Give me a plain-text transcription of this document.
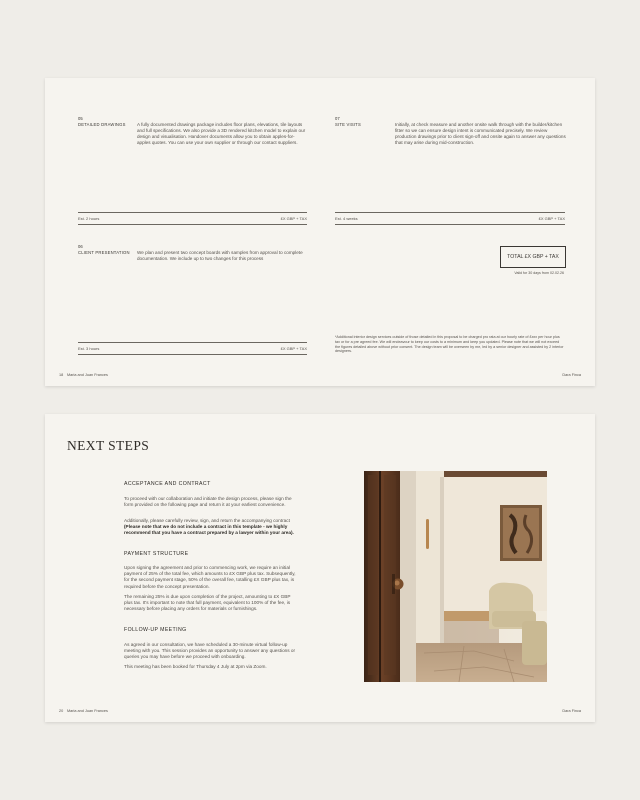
05
DETAILED DRAWINGS A fully documented drawings package includes floor plans, elevations, tile layouts and full specifications. We also provide a 3D rendered kitchen model to explain our design and visualisation. Handover documents allow you to obtain apples-for-apples quotes. You can use your own supplier or through our contact suppliers.
Est. 2 hours	£X GBP + TAX
07
SITE VISITS	Initially, at check measure and another onsite walk through with the builder/kitchen fitter so we can ensure design intent is communicated precisely. We review production drawings prior to client sign-off and onsite again to answer any questions that may arise during mid-construction.
Est. 4 weeks	£X GBP + TAX
06
CLIENT PRESENTATION We plan and present two concept boards with samples from approval to complete documentation. We include up to two changes for this process
Est. 3 hours	£X GBP + TAX
TOTAL £X GBP + TAX
Valid for 30 days from 02.02.26
*Additional interior design services outside of those detailed in this proposal to be charged pro rata at our hourly rate of £xxx per hour plus tax or for a pre agreed fee. We will endeavour to keep our costs to a minimum and keep you updated. Please note that we will not exceed the figures detailed above without prior consent. The design team will be overseen by me, led by a senior designer and assisted by 2 interior designers.
18 Maria and Juan Frances	Dara Finca
NEXT STEPS
ACCEPTANCE AND CONTRACT
To proceed with our collaboration and initiate the design process, please sign the form provided on the following page and return it at your earliest convenience.
Additionally, please carefully review, sign, and return the accompanying contract (Please note that we do not include a contract in this template - we highly recommend that you have a contract prepared by a lawyer within your area).
PAYMENT STRUCTURE
Upon signing the agreement and prior to commencing work, we require an initial payment of 25% of the total fee, which amounts to £X GBP plus tax. Subsequently, for the second payment stage, 50% of the overall fee, totalling £X GBP plus tax, is required before the concept presentation.
The remaining 25% is due upon completion of the project, amounting to £X GBP plus tax. It's important to note that full payment, equivalent to 100% of the fee, is necessary before placing any orders for materials or furnishings.
FOLLOW-UP MEETING
As agreed in our consultation, we have scheduled a 30-minute virtual follow-up meeting with you. This session provides an opportunity to answer any questions or queries you may have before we proceed with onboarding.
This meeting has been booked for Thursday 4 July at 2pm via Zoom.
20 Maria and Juan Frances	Dara Finca
